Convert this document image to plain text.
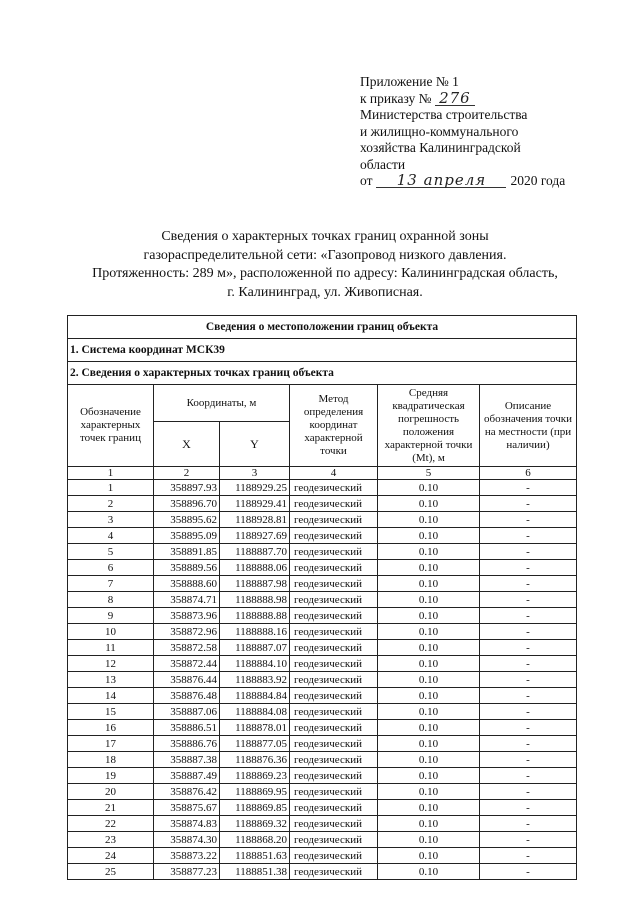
Приложение № 1
к приказу № 276
Министерства строительства
и жилищно-коммунального
хозяйства Калининградской
области
от 13 апреля 2020 года
Сведения о характерных точках границ охранной зоны
газораспределительной сети: «Газопровод низкого давления.
Протяженность: 289 м», расположенной по адресу: Калининградская область,
г. Калининград, ул. Живописная.
Сведения о местоположении границ объекта					
1. Система координат МСК39					
2. Сведения о характерных точках границ объекта					
Обозначение характерных точек границ	Координаты, м		Метод определения координат характерной точки	Средняя квадратическая погрешность положения характерной точки (Mt), м	Описание обозначения точки на местности (при наличии)
	X	Y			
1	2	3	4	5	6
1	358897.93	1188929.25	геодезический	0.10	-
2	358896.70	1188929.41	геодезический	0.10	-
3	358895.62	1188928.81	геодезический	0.10	-
4	358895.09	1188927.69	геодезический	0.10	-
5	358891.85	1188887.70	геодезический	0.10	-
6	358889.56	1188888.06	геодезический	0.10	-
7	358888.60	1188887.98	геодезический	0.10	-
8	358874.71	1188888.98	геодезический	0.10	-
9	358873.96	1188888.88	геодезический	0.10	-
10	358872.96	1188888.16	геодезический	0.10	-
11	358872.58	1188887.07	геодезический	0.10	-
12	358872.44	1188884.10	геодезический	0.10	-
13	358876.44	1188883.92	геодезический	0.10	-
14	358876.48	1188884.84	геодезический	0.10	-
15	358887.06	1188884.08	геодезический	0.10	-
16	358886.51	1188878.01	геодезический	0.10	-
17	358886.76	1188877.05	геодезический	0.10	-
18	358887.38	1188876.36	геодезический	0.10	-
19	358887.49	1188869.23	геодезический	0.10	-
20	358876.42	1188869.95	геодезический	0.10	-
21	358875.67	1188869.85	геодезический	0.10	-
22	358874.83	1188869.32	геодезический	0.10	-
23	358874.30	1188868.20	геодезический	0.10	-
24	358873.22	1188851.63	геодезический	0.10	-
25	358877.23	1188851.38	геодезический	0.10	-
